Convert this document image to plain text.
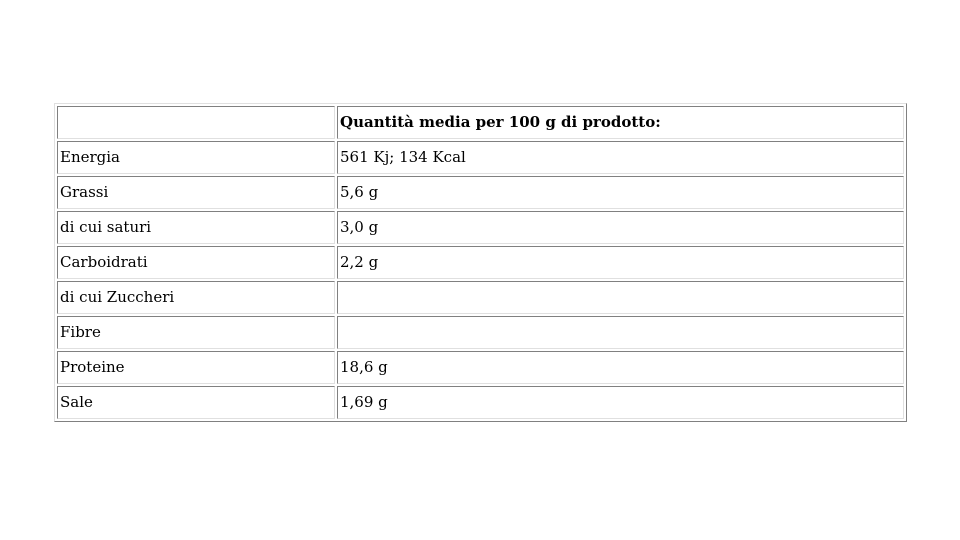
	Quantità media per 100 g di prodotto:
Energia	561 Kj; 134 Kcal
Grassi	5,6 g
di cui saturi	3,0 g
Carboidrati	2,2 g
di cui Zuccheri	
Fibre	
Proteine	18,6 g
Sale	1,69 g
